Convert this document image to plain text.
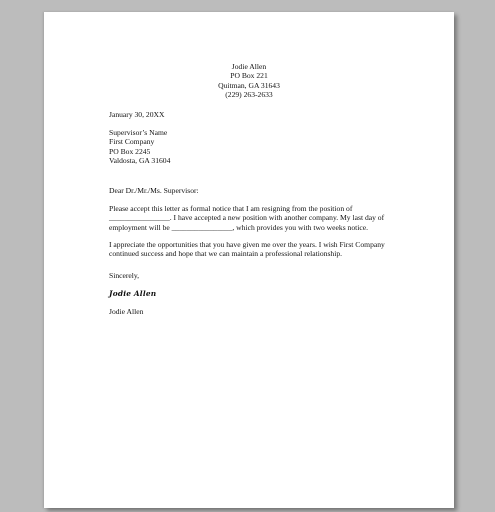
Jodie Allen
PO Box 221
Quitman, GA 31643
(229) 263-2633
January 30, 20XX
Supervisor’s Name
First Company
PO Box 2245
Valdosta, GA 31604
Dear Dr./Mr./Ms. Supervisor:
Please accept this letter as formal notice that I am resigning from the position of
________________. I have accepted a new position with another company. My last day of
employment will be ________________, which provides you with two weeks notice.
I appreciate the opportunities that you have given me over the years. I wish First Company
continued success and hope that we can maintain a professional relationship.
Sincerely,
Jodie Allen
Jodie Allen
